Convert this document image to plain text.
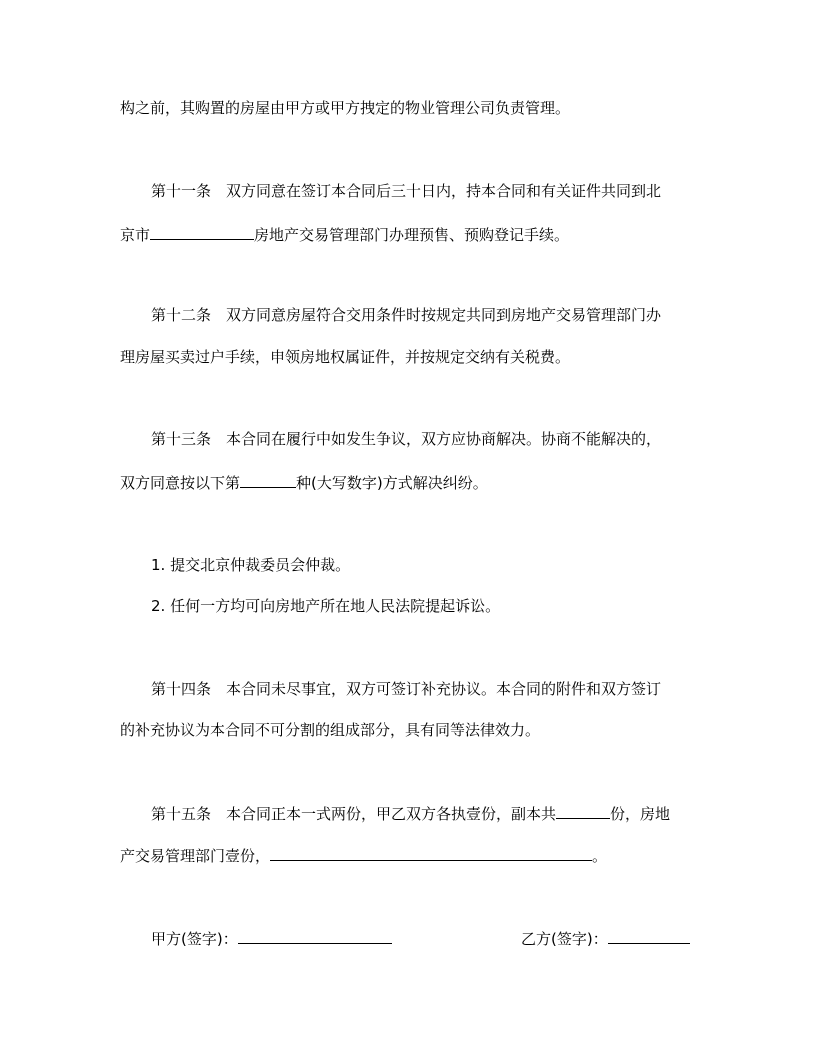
构之前，其购置的房屋由甲方或甲方拽定的物业管理公司负责管理。
第十一条　双方同意在签订本合同后三十日内，持本合同和有关证件共同到北
京市	房地产交易管理部门办理预售、预购登记手续。
第十二条　双方同意房屋符合交用条件时按规定共同到房地产交易管理部门办
理房屋买卖过户手续，申领房地权属证件，并按规定交纳有关税费。
第十三条　本合同在履行中如发生争议，双方应协商解决。协商不能解决的，
双方同意按以下第	种(大写数字)方式解决纠纷。
1. 提交北京仲裁委员会仲裁。
2. 任何一方均可向房地产所在地人民法院提起诉讼。
第十四条　本合同未尽事宜，双方可签订补充协议。本合同的附件和双方签订
的补充协议为本合同不可分割的组成部分，具有同等法律效力。
第十五条　本合同正本一式两份，甲乙双方各执壹份，副本共	份，房地
产交易管理部门壹份，	。
甲方(签字)：	乙方(签字)：
